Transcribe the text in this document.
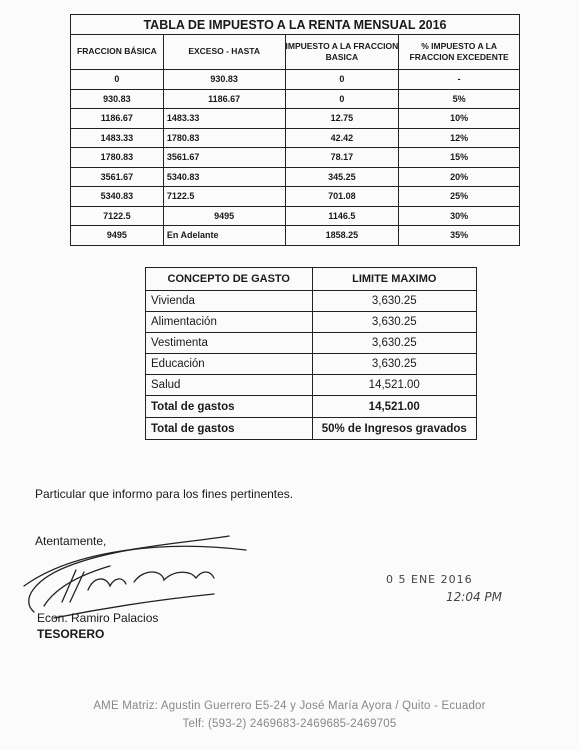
TABLA DE IMPUESTO A LA RENTA MENSUAL 2016
FRACCION BÁSICA	EXCESO - HASTA	IMPUESTO A LA FRACCION BASICA	% IMPUESTO A LA FRACCION EXCEDENTE
0	930.83	0	-
930.83	1186.67	0	5%
1186.67	1483.33	12.75	10%
1483.33	1780.83	42.42	12%
1780.83	3561.67	78.17	15%
3561.67	5340.83	345.25	20%
5340.83	7122.5	701.08	25%
7122.5	9495	1146.5	30%
9495	En Adelante	1858.25	35%
CONCEPTO DE GASTO	LIMITE MAXIMO
Vivienda	3,630.25
Alimentación	3,630.25
Vestimenta	3,630.25
Educación	3,630.25
Salud	14,521.00
Total de gastos	14,521.00
Total de gastos	50% de Ingresos gravados
Particular que informo para los fines pertinentes.
Atentamente,
Econ. Ramiro Palacios
TESORERO
0 5 ENE 2016
12:04 PM
AME Matriz: Agustin Guerrero E5-24 y José María Ayora / Quito - Ecuador
Telf: (593-2) 2469683-2469685-2469705
